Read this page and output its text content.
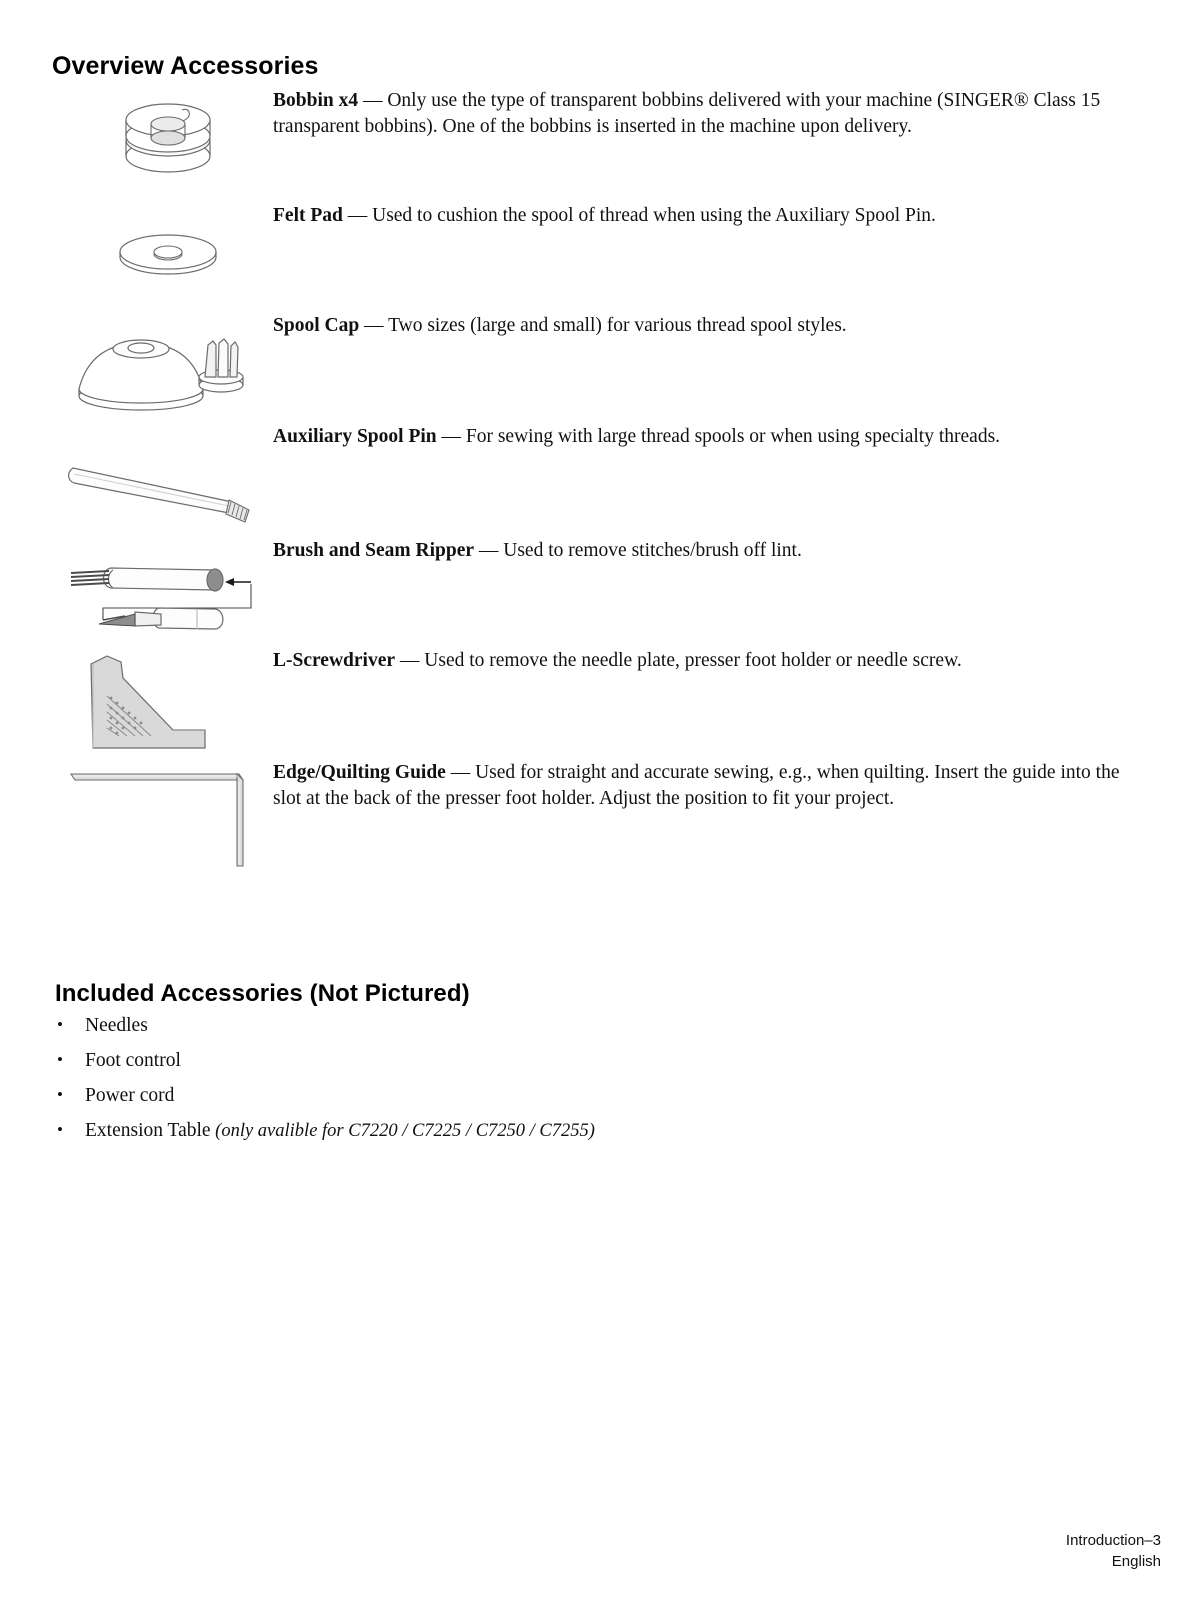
Overview Accessories
Bobbin x4 — Only use the type of transparent bobbins delivered with your machine (SINGER® Class 15 transparent bobbins). One of the bobbins is inserted in the machine upon delivery.
Felt Pad — Used to cushion the spool of thread when using the Auxiliary Spool Pin.
Spool Cap — Two sizes (large and small) for various thread spool styles.
Auxiliary Spool Pin — For sewing with large thread spools or when using specialty threads.
Brush and Seam Ripper — Used to remove stitches/brush off lint.
L-Screwdriver — Used to remove the needle plate, presser foot holder or needle screw.
Edge/Quilting Guide — Used for straight and accurate sewing, e.g., when quilting. Insert the guide into the slot at the back of the presser foot holder. Adjust the position to fit your project.
Included Accessories (Not Pictured)
• Needles
• Foot control
• Power cord
• Extension Table (only avalible for C7220 / C7225 / C7250 / C7255)
Introduction–3
English
